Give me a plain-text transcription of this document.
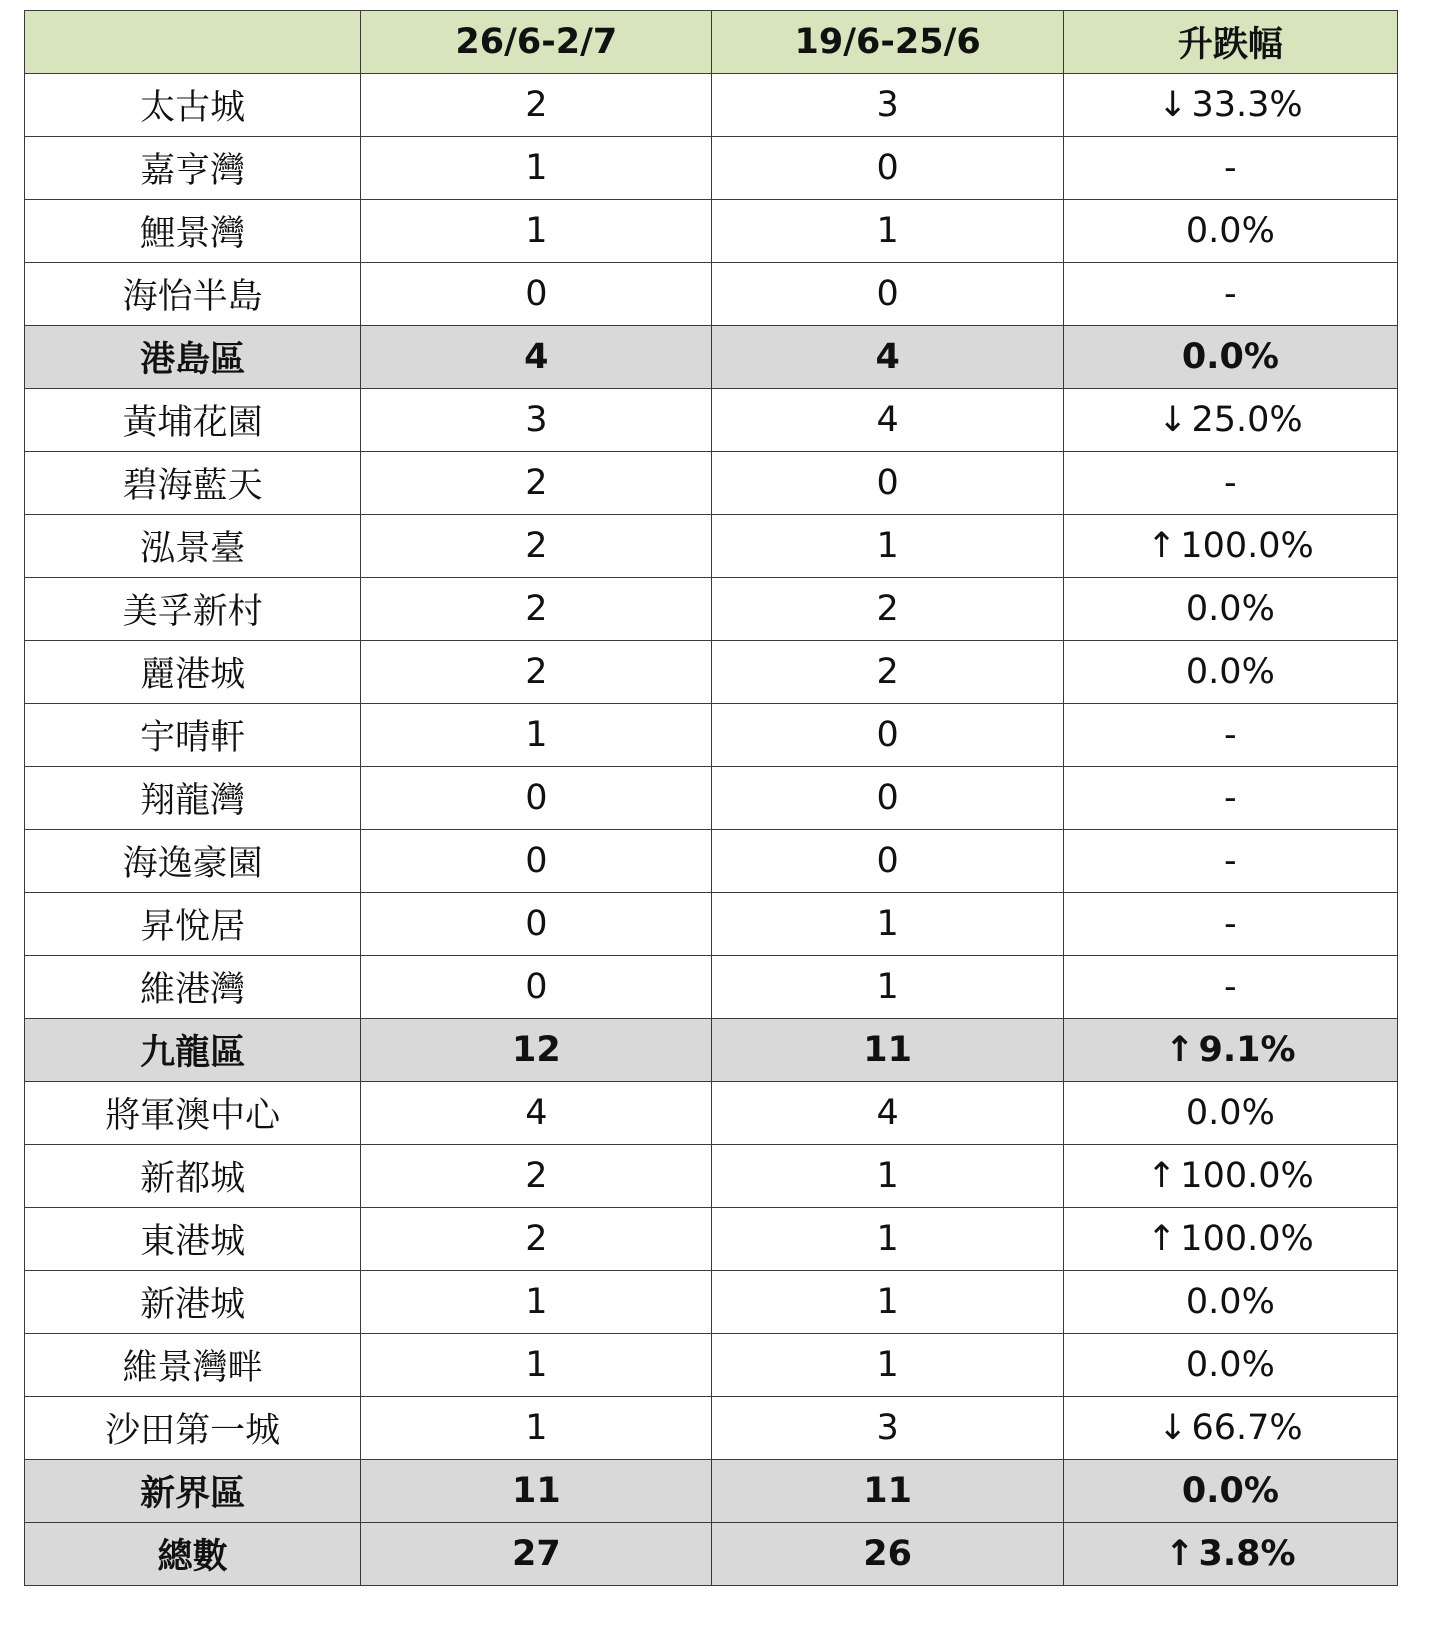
	26/6-2/7	19/6-25/6	升跌幅
太古城	2	3	↓ 33.3%
嘉亨灣	1	0	-
鯉景灣	1	1	0.0%
海怡半島	0	0	-
港島區	4	4	0.0%
黃埔花園	3	4	↓ 25.0%
碧海藍天	2	0	-
泓景臺	2	1	↑ 100.0%
美孚新村	2	2	0.0%
麗港城	2	2	0.0%
宇晴軒	1	0	-
翔龍灣	0	0	-
海逸豪園	0	0	-
昇悅居	0	1	-
維港灣	0	1	-
九龍區	12	11	↑ 9.1%
將軍澳中心	4	4	0.0%
新都城	2	1	↑ 100.0%
東港城	2	1	↑ 100.0%
新港城	1	1	0.0%
維景灣畔	1	1	0.0%
沙田第一城	1	3	↓ 66.7%
新界區	11	11	0.0%
總數	27	26	↑ 3.8%
